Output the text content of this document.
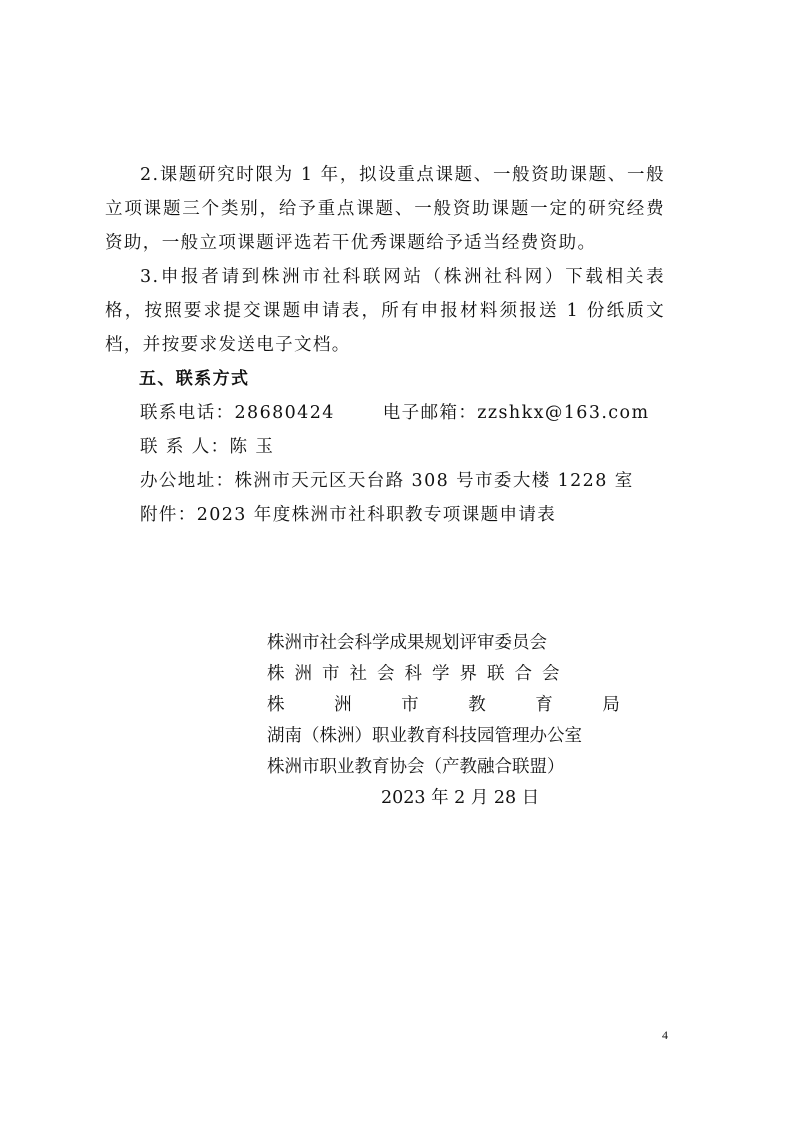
2.课题研究时限为 1 年，拟设重点课题、一般资助课题、一般立项课题三个类别，给予重点课题、一般资助课题一定的研究经费资助，一般立项课题评选若干优秀课题给予适当经费资助。

3.申报者请到株洲市社科联网站（株洲社科网）下载相关表格，按照要求提交课题申请表，所有申报材料须报送 1 份纸质文档，并按要求发送电子文档。

五、联系方式

联系电话：28680424	电子邮箱：zzshkx@163.com

联 系 人：陈 玉

办公地址：株洲市天元区天台路 308 号市委大楼 1228 室

附件：2023 年度株洲市社科职教专项课题申请表

株洲市社会科学成果规划评审委员会

株洲市社会科学界联合会

株 洲 市 教 育 局

湖南（株洲）职业教育科技园管理办公室

株洲市职业教育协会（产教融合联盟）

2023 年 2 月 28 日

4
